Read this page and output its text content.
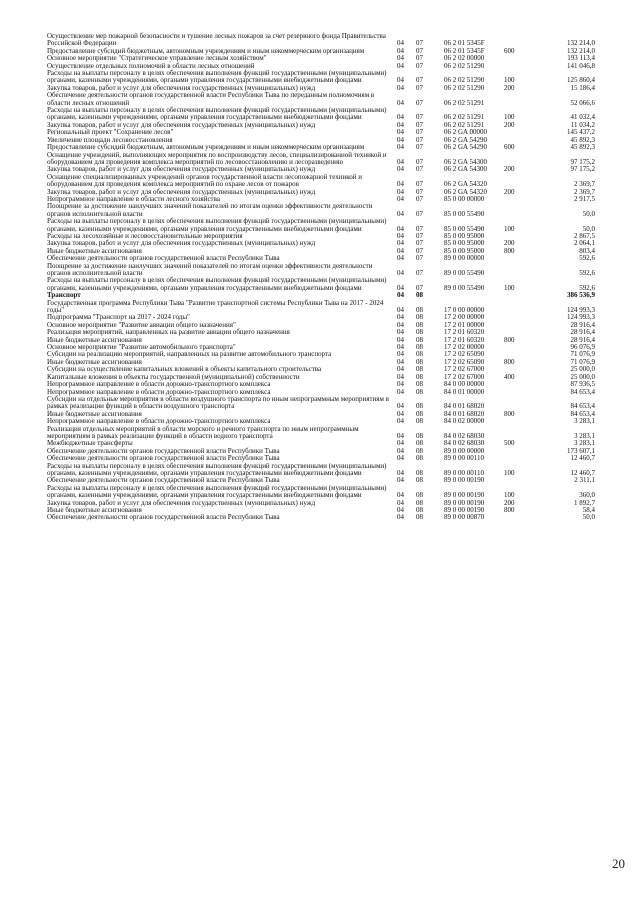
Осуществление мер пожарной безопасности и тушение лесных пожаров за счет резервного фонда Правительства Российской Федерации	04	07	06 2 01 5345F		132 214,0
Предоставление субсидий бюджетным, автономным учреждениям и иным некоммерческим организациям	04	07	06 2 01 5345F	600	132 214,0
Основное мероприятие "Стратегическое управление лесным хозяйством"	04	07	06 2 02 00000		193 113,4
Осуществление отдельных полномочий в области лесных отношений	04	07	06 2 02 51290		141 046,8
Расходы на выплаты персоналу в целях обеспечения выполнения функций государственными (муниципальными) органами, казенными учреждениями, органами управления государственными внебюджетными фондами	04	07	06 2 02 51290	100	125 860,4
Закупка товаров, работ и услуг для обеспечения государственных (муниципальных) нужд	04	07	06 2 02 51290	200	15 186,4
Обеспечение деятельности органов государственной власти Республики Тыва по переданным полномочиям в области лесных отношений	04	07	06 2 02 51291		52 066,6
Расходы на выплаты персоналу в целях обеспечения выполнения функций государственными (муниципальными) органами, казенными учреждениями, органами управления государственными внебюджетными фондами	04	07	06 2 02 51291	100	41 032,4
Закупка товаров, работ и услуг для обеспечения государственных (муниципальных) нужд	04	07	06 2 02 51291	200	11 034,2
Региональный проект "Сохранение лесов"	04	07	06 2 GA 00000		145 437,2
Увеличение площади лесовосстановления	04	07	06 2 GA 54290		45 892,3
Предоставление субсидий бюджетным, автономным учреждениям и иным некоммерческим организациям	04	07	06 2 GA 54290	600	45 892,3
Оснащение учреждений, выполняющих мероприятия по воспроизводству лесов, специализированной техникой и оборудованием для проведения комплекса мероприятий по лесовосстановлению и лесоразведению	04	07	06 2 GA 54300		97 175,2
Закупка товаров, работ и услуг для обеспечения государственных (муниципальных) нужд	04	07	06 2 GA 54300	200	97 175,2
Оснащение специализированных учреждений органов государственной власти лесопожарной техникой и оборудованием для проведения комплекса мероприятий по охране лесов от пожаров	04	07	06 2 GA 54320		2 369,7
Закупка товаров, работ и услуг для обеспечения государственных (муниципальных) нужд	04	07	06 2 GA 54320	200	2 369,7
Непрограммное направление в области лесного хозяйства	04	07	85 0 00 00000		2 917,5
Поощрение за достижение наилучших значений показателей по итогам оценки эффективности деятельности органов исполнительной власти	04	07	85 0 00 55490		50,0
Расходы на выплаты персоналу в целях обеспечения выполнения функций государственными (муниципальными) органами, казенными учреждениями, органами управления государственными внебюджетными фондами	04	07	85 0 00 55490	100	50,0
Расходы на лесохозяйные и лесовосстановительные мероприятия	04	07	85 0 00 95000		2 867,5
Закупка товаров, работ и услуг для обеспечения государственных (муниципальных) нужд	04	07	85 0 00 95000	200	2 064,1
Иные бюджетные ассигнования	04	07	85 0 00 95000	800	803,4
Обеспечение деятельности органов государственной власти Республики Тыва	04	07	89 0 00 00000		592,6
Поощрение за достижение наилучших значений показателей по итогам оценки эффективности деятельности органов исполнительной власти	04	07	89 0 00 55490		592,6
Расходы на выплаты персоналу в целях обеспечения выполнения функций государственными (муниципальными) органами, казенными учреждениями, органами управления государственными внебюджетными фондами	04	07	89 0 00 55490	100	592,6
Транспорт	04	08			386 536,9
Государственная программа Республики Тыва "Развитие транспортной системы Республики Тыва на 2017 - 2024 годы"	04	08	17 0 00 00000		124 993,3
Подпрограмма "Транспорт на 2017 - 2024 годы"	04	08	17 2 00 00000		124 993,3
Основное мероприятие "Развитие авиации общего назначения"	04	08	17 2 01 00000		28 916,4
Реализация мероприятий, направленных на развитие авиации общего назначения	04	08	17 2 01 60320		28 916,4
Иные бюджетные ассигнования	04	08	17 2 01 60320	800	28 916,4
Основное мероприятие "Развитие автомобильного транспорта"	04	08	17 2 02 00000		96 076,9
Субсидии на реализацию мероприятий, направленных на развитие автомобильного транспорта	04	08	17 2 02 65090		71 076,9
Иные бюджетные ассигнования	04	08	17 2 02 65090	800	71 076,9
Субсидии на осуществление капитальных вложений в объекты капитального строительства	04	08	17 2 02 67000		25 000,0
Капитальные вложения в объекты государственной (муниципальной) собственности	04	08	17 2 02 67000	400	25 000,0
Непрограммное направление в области дорожно-транспортного комплекса	04	08	84 0 00 00000		87 936,5
Непрограммное направление в области дорожно-транспортного комплекса	04	08	84 0 01 00000		84 653,4
Субсидии на отдельные мероприятия в области воздушного транспорта по иным непрограммным мероприятиям в рамках реализации функций в области воздушного транспорта	04	08	84 0 01 68020		84 653,4
Иные бюджетные ассигнования	04	08	84 0 01 68020	800	84 653,4
Непрограммное направление в области дорожно-транспортного комплекса	04	08	84 0 02 00000		3 283,1
Реализация отдельных мероприятий в области морского и речного транспорта по иным непрограммным мероприятиям в рамках реализации функций в области водного транспорта	04	08	84 0 02 68030		3 283,1
Межбюджетные трансферты	04	08	84 0 02 68030	500	3 283,1
Обеспечение деятельности органов государственной власти Республики Тыва	04	08	89 0 00 00000		173 607,1
Обеспечение деятельности органов государственной власти Республики Тыва	04	08	89 0 00 00110		12 460,7
Расходы на выплаты персоналу в целях обеспечения выполнения функций государственными (муниципальными) органами, казенными учреждениями, органами управления государственными внебюджетными фондами	04	08	89 0 00 00110	100	12 460,7
Обеспечение деятельности органов государственной власти Республики Тыва	04	08	89 0 00 00190		2 311,1
Расходы на выплаты персоналу в целях обеспечения выполнения функций государственными (муниципальными) органами, казенными учреждениями, органами управления государственными внебюджетными фондами	04	08	89 0 00 00190	100	360,0
Закупка товаров, работ и услуг для обеспечения государственных (муниципальных) нужд	04	08	89 0 00 00190	200	1 892,7
Иные бюджетные ассигнования	04	08	89 0 00 00190	800	58,4
Обеспечение деятельности органов государственной власти Республики Тыва	04	08	89 0 00 00870		50,0
20
